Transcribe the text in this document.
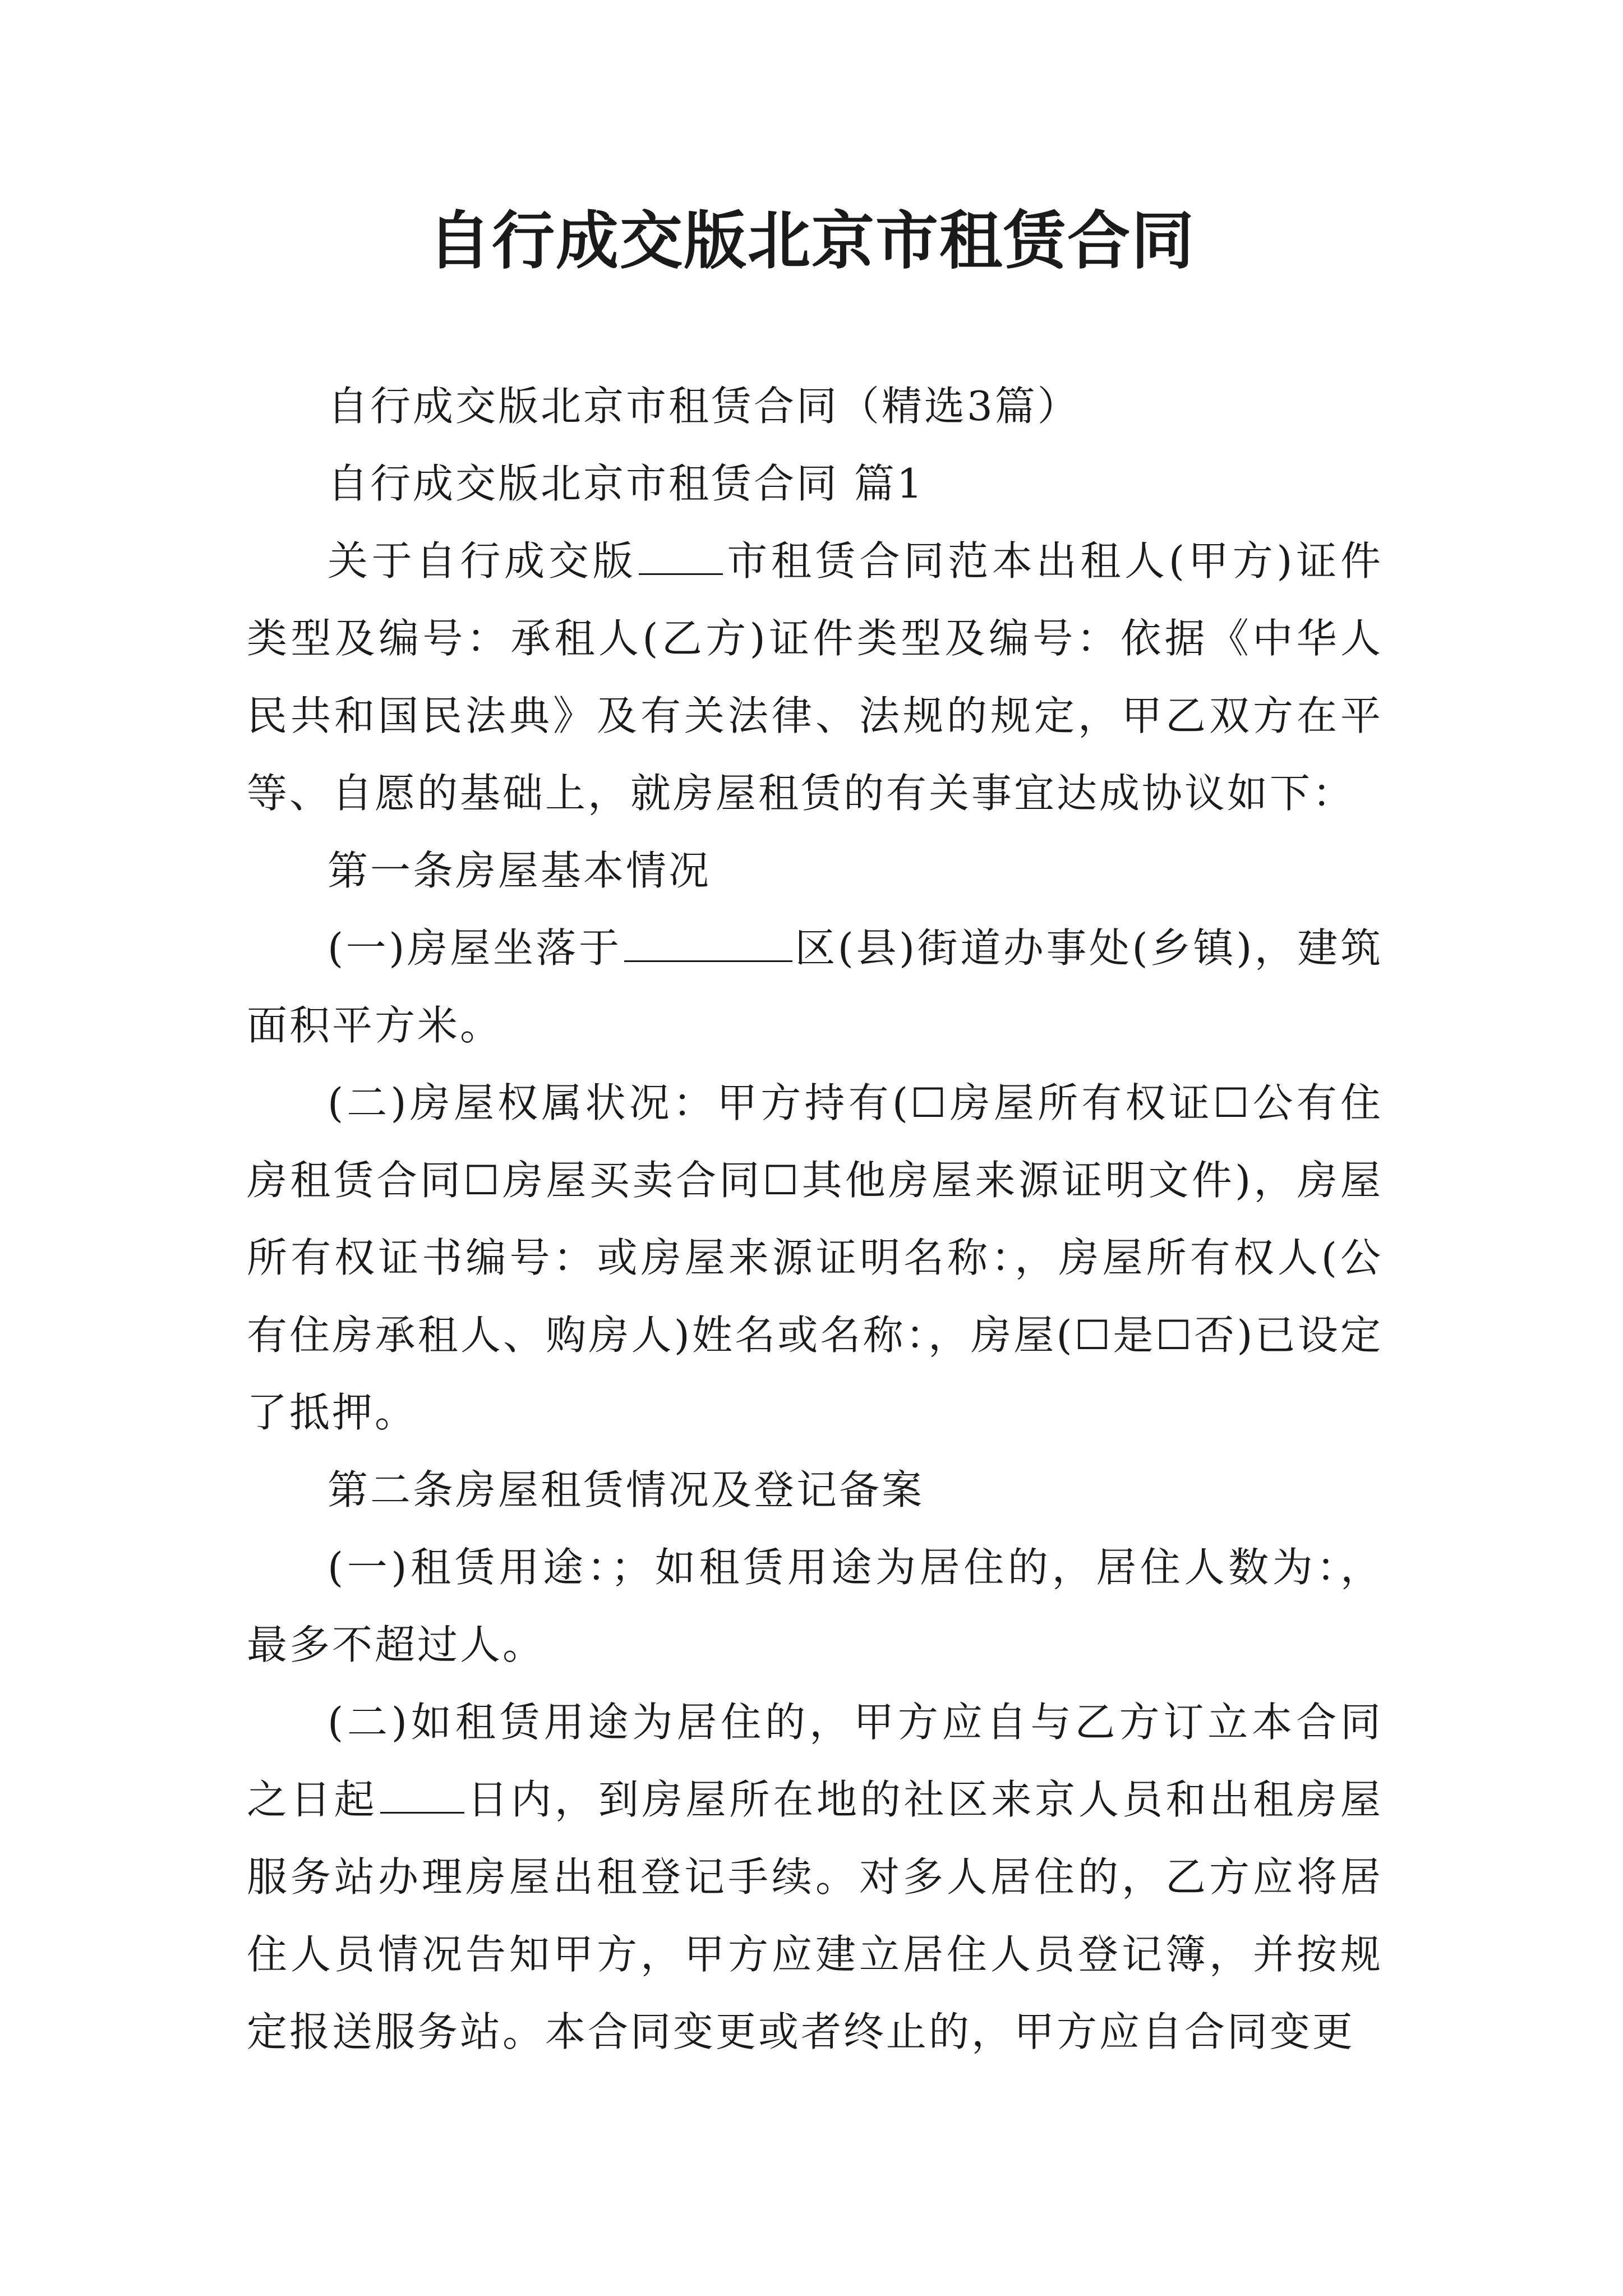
自行成交版北京市租赁合同

自行成交版北京市租赁合同（精选3篇）

自行成交版北京市租赁合同 篇1

关于自行成交版 市租赁合同范本出租人(甲方)证件类型及编号：承租人(乙方)证件类型及编号：依据《中华人民共和国民法典》及有关法律、法规的规定，甲乙双方在平等、自愿的基础上，就房屋租赁的有关事宜达成协议如下：

第一条房屋基本情况

(一)房屋坐落于	区(县)街道办事处(乡镇)，建筑面积平方米。

(二)房屋权属状况：甲方持有(☐房屋所有权证☐公有住房租赁合同☐房屋买卖合同☐其他房屋来源证明文件)，房屋所有权证书编号：或房屋来源证明名称：，房屋所有权人(公有住房承租人、购房人)姓名或名称：，房屋(☐是☐否)已设定了抵押。

第二条房屋租赁情况及登记备案

(一)租赁用途：；如租赁用途为居住的，居住人数为：，最多不超过人。

(二)如租赁用途为居住的，甲方应自与乙方订立本合同之日起 日内，到房屋所在地的社区来京人员和出租房屋服务站办理房屋出租登记手续。对多人居住的，乙方应将居住人员情况告知甲方，甲方应建立居住人员登记簿，并按规定报送服务站。本合同变更或者终止的，甲方应自合同变更
